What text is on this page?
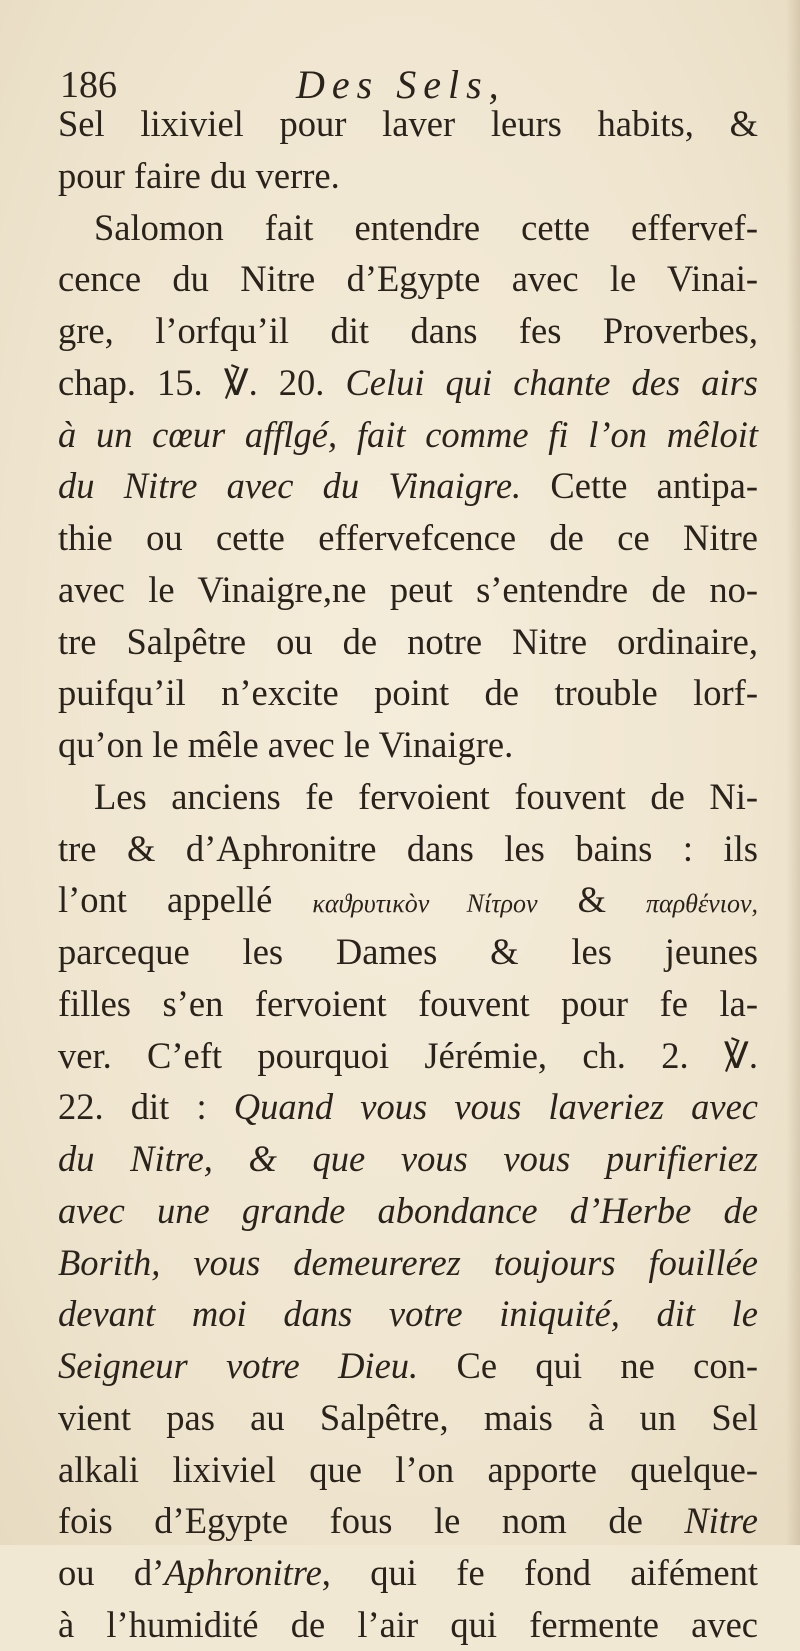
186	Des Sels,
Sel lixiviel pour laver leurs habits, &
pour faire du verre.
Salomon fait entendre cette effervef-
cence du Nitre d’Egypte avec le Vinai-
gre, l’orfqu’il dit dans fes Proverbes,
chap. 15. ℣. 20. Celui qui chante des airs
à un cœur afflgé, fait comme fi l’on mêloit
du Nitre avec du Vinaigre. Cette antipa-
thie ou cette effervefcence de ce Nitre
avec le Vinaigre,ne peut s’entendre de no-
tre Salpêtre ou de notre Nitre ordinaire,
puifqu’il n’excite point de trouble lorf-
qu’on le mêle avec le Vinaigre.
Les anciens fe fervoient fouvent de Ni-
tre & d’Aphronitre dans les bains : ils
l’ont appellé καϑρυτικòν Νίτρον & παρθένιον,
parceque les Dames & les jeunes
filles s’en fervoient fouvent pour fe la-
ver. C’eft pourquoi Jérémie, ch. 2. ℣.
22. dit : Quand vous vous laveriez avec
du Nitre, & que vous vous purifieriez
avec une grande abondance d’Herbe de
Borith, vous demeurerez toujours fouillée
devant moi dans votre iniquité, dit le
Seigneur votre Dieu. Ce qui ne con-
vient pas au Salpêtre, mais à un Sel
alkali lixiviel que l’on apporte quelque-
fois d’Egypte fous le nom de Nitre
ou d’Aphronitre, qui fe fond aifément
à l’humidité de l’air qui fermente avec
